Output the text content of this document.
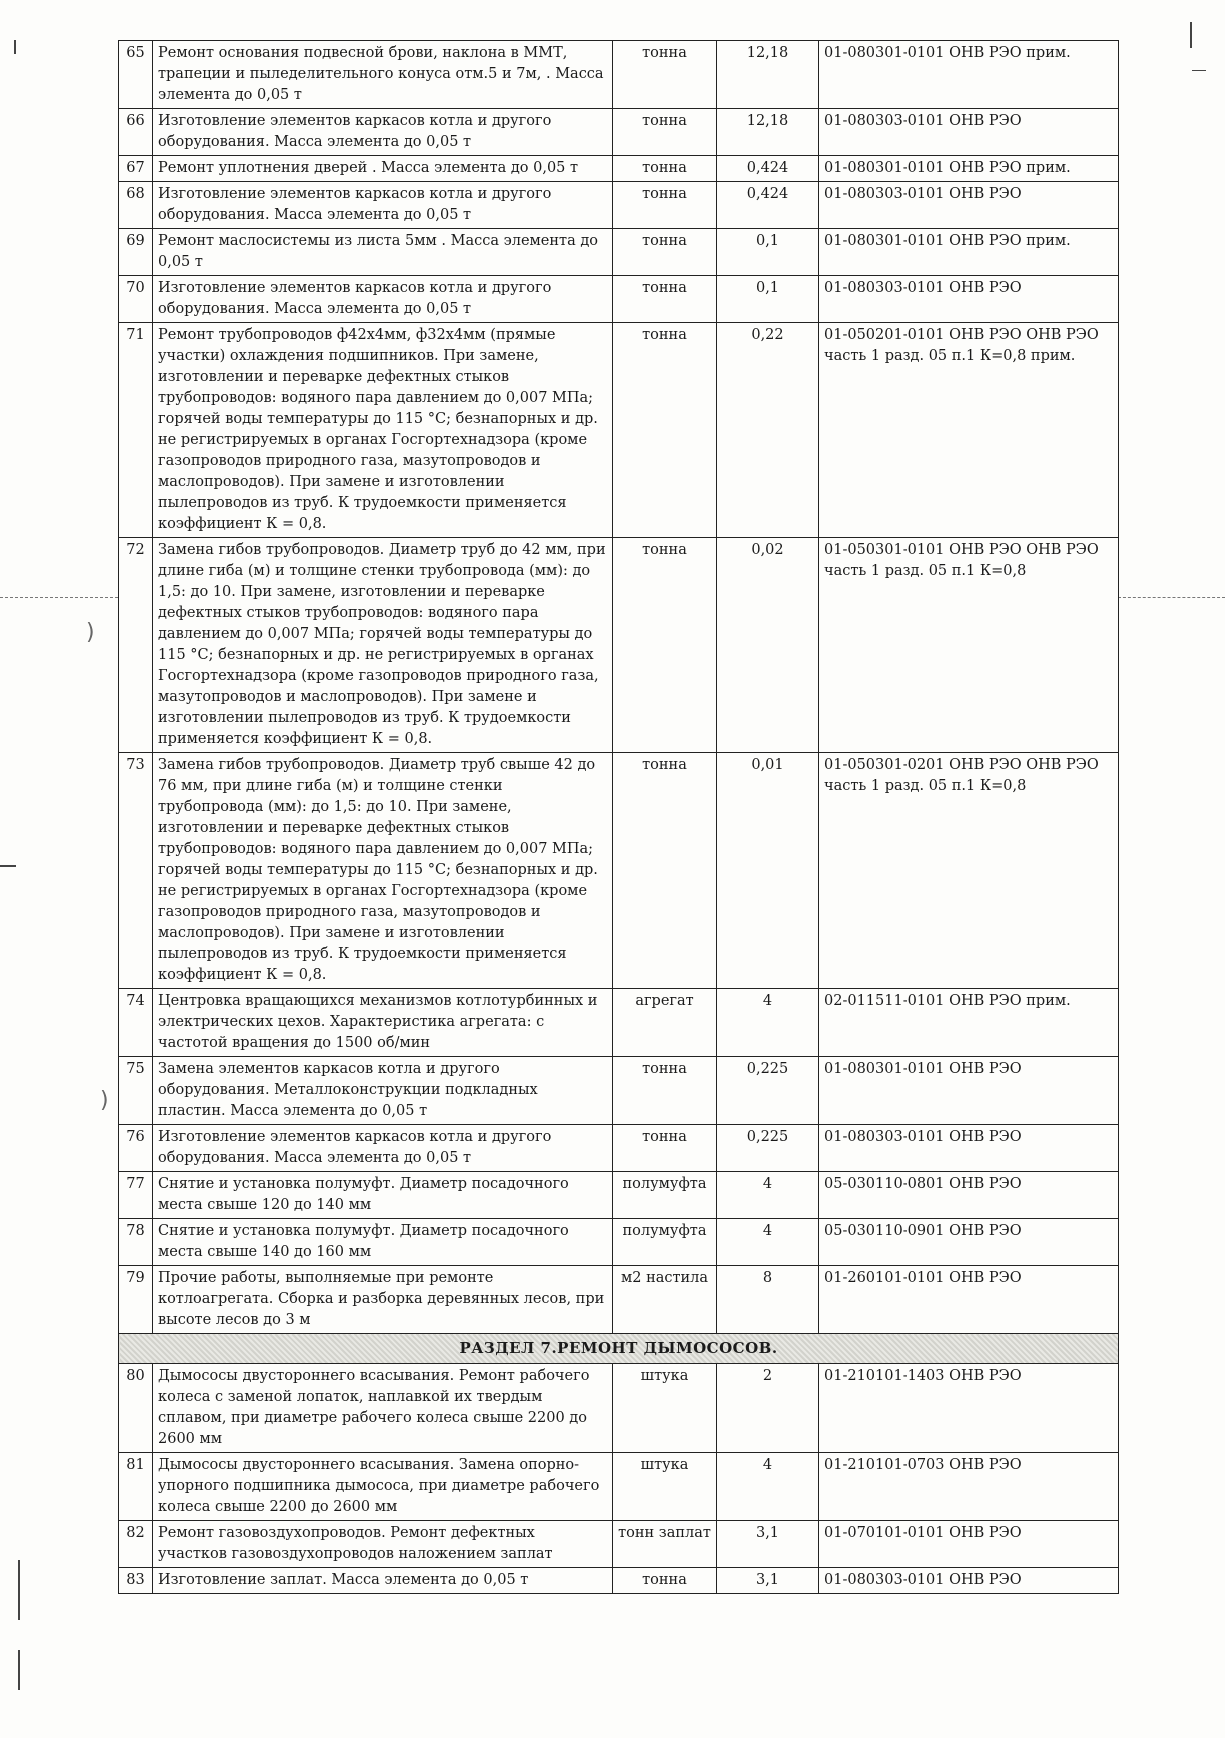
)
)
65	Ремонт основания подвесной брови, наклона в ММТ, трапеции и пыледелительного конуса отм.5 и 7м, . Масса элемента до 0,05 т	тонна	12,18	01-080301-0101 ОНВ РЭО прим.
66	Изготовление элементов каркасов котла и другого оборудования. Масса элемента до 0,05 т	тонна	12,18	01-080303-0101 ОНВ РЭО
67	Ремонт уплотнения дверей . Масса элемента до 0,05 т	тонна	0,424	01-080301-0101 ОНВ РЭО прим.
68	Изготовление элементов каркасов котла и другого оборудования. Масса элемента до 0,05 т	тонна	0,424	01-080303-0101 ОНВ РЭО
69	Ремонт маслосистемы из листа 5мм . Масса элемента до 0,05 т	тонна	0,1	01-080301-0101 ОНВ РЭО прим.
70	Изготовление элементов каркасов котла и другого оборудования. Масса элемента до 0,05 т	тонна	0,1	01-080303-0101 ОНВ РЭО
71	Ремонт трубопроводов ф42х4мм, ф32х4мм (прямые участки) охлаждения подшипников. При замене, изготовлении и переварке дефектных стыков трубопроводов: водяного пара давлением до 0,007 МПа; горячей воды температуры до 115 °С; безнапорных и др. не регистрируемых в органах Госгортехнадзора (кроме газопроводов природного газа, мазутопроводов и маслопроводов). При замене и изготовлении пылепроводов из труб. К трудоемкости применяется коэффициент К = 0,8.	тонна	0,22	01-050201-0101 ОНВ РЭО ОНВ РЭО часть 1 разд. 05 п.1 К=0,8 прим.
72	Замена гибов трубопроводов. Диаметр труб до 42 мм, при длине гиба (м) и толщине стенки трубопровода (мм): до 1,5: до 10. При замене, изготовлении и переварке дефектных стыков трубопроводов: водяного пара давлением до 0,007 МПа; горячей воды температуры до 115 °С; безнапорных и др. не регистрируемых в органах Госгортехнадзора (кроме газопроводов природного газа, мазутопроводов и маслопроводов). При замене и изготовлении пылепроводов из труб. К трудоемкости применяется коэффициент К = 0,8.	тонна	0,02	01-050301-0101 ОНВ РЭО ОНВ РЭО часть 1 разд. 05 п.1 К=0,8
73	Замена гибов трубопроводов. Диаметр труб свыше 42 до 76 мм, при длине гиба (м) и толщине стенки трубопровода (мм): до 1,5: до 10. При замене, изготовлении и переварке дефектных стыков трубопроводов: водяного пара давлением до 0,007 МПа; горячей воды температуры до 115 °С; безнапорных и др. не регистрируемых в органах Госгортехнадзора (кроме газопроводов природного газа, мазутопроводов и маслопроводов). При замене и изготовлении пылепроводов из труб. К трудоемкости применяется коэффициент К = 0,8.	тонна	0,01	01-050301-0201 ОНВ РЭО ОНВ РЭО часть 1 разд. 05 п.1 К=0,8
74	Центровка вращающихся механизмов котлотурбинных и электрических цехов. Характеристика агрегата: с частотой вращения до 1500 об/мин	агрегат	4	02-011511-0101 ОНВ РЭО прим.
75	Замена элементов каркасов котла и другого оборудования. Металлоконструкции подкладных пластин. Масса элемента до 0,05 т	тонна	0,225	01-080301-0101 ОНВ РЭО
76	Изготовление элементов каркасов котла и другого оборудования. Масса элемента до 0,05 т	тонна	0,225	01-080303-0101 ОНВ РЭО
77	Снятие и установка полумуфт. Диаметр посадочного места свыше 120 до 140 мм	полумуфта	4	05-030110-0801 ОНВ РЭО
78	Снятие и установка полумуфт. Диаметр посадочного места свыше 140 до 160 мм	полумуфта	4	05-030110-0901 ОНВ РЭО
79	Прочие работы, выполняемые при ремонте котлоагрегата. Сборка и разборка деревянных лесов, при высоте лесов до 3 м	м2 настила	8	01-260101-0101 ОНВ РЭО
РАЗДЕЛ 7.РЕМОНТ ДЫМОСОСОВ.				
80	Дымососы двустороннего всасывания. Ремонт рабочего колеса с заменой лопаток, наплавкой их твердым сплавом, при диаметре рабочего колеса свыше 2200 до 2600 мм	штука	2	01-210101-1403 ОНВ РЭО
81	Дымососы двустороннего всасывания. Замена опорно-упорного подшипника дымососа, при диаметре рабочего колеса свыше 2200 до 2600 мм	штука	4	01-210101-0703 ОНВ РЭО
82	Ремонт газовоздухопроводов. Ремонт дефектных участков газовоздухопроводов наложением заплат	тонн заплат	3,1	01-070101-0101 ОНВ РЭО
83	Изготовление заплат. Масса элемента до 0,05 т	тонна	3,1	01-080303-0101 ОНВ РЭО
